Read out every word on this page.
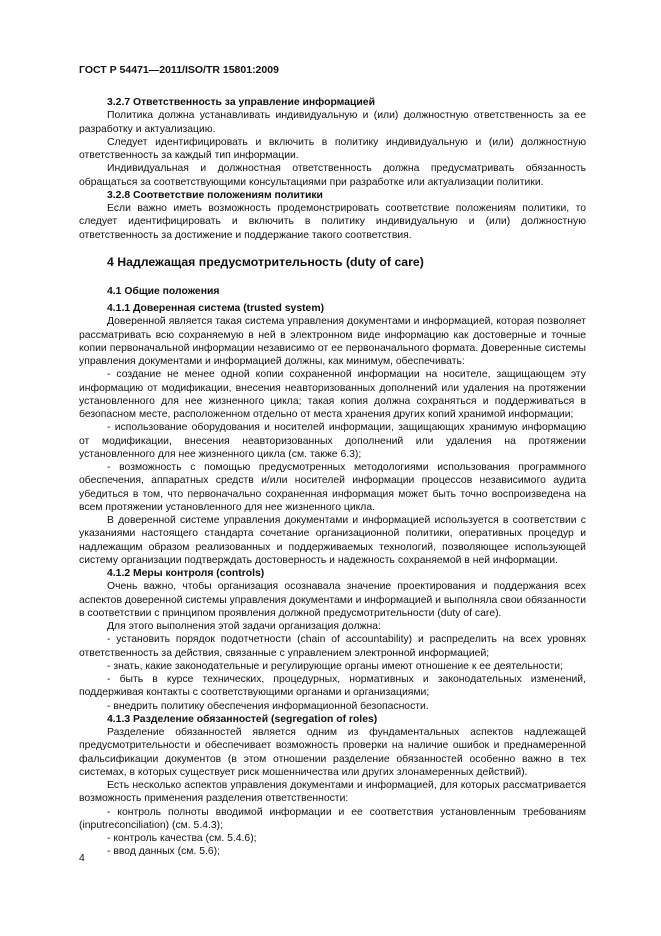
ГОСТ Р 54471—2011/ISO/TR 15801:2009
3.2.7 Ответственность за управление информацией
Политика должна устанавливать индивидуальную и (или) должностную ответственность за ее разработку и актуализацию.
Следует идентифицировать и включить в политику индивидуальную и (или) должностную ответственность за каждый тип информации.
Индивидуальная и должностная ответственность должна предусматривать обязанность обращаться за соответствующими консультациями при разработке или актуализации политики.
3.2.8 Соответствие положениям политики
Если важно иметь возможность продемонстрировать соответствие положениям политики, то следует идентифицировать и включить в политику индивидуальную и (или) должностную ответственность за достижение и поддержание такого соответствия.
4 Надлежащая предусмотрительность (duty of care)
4.1 Общие положения
4.1.1 Доверенная система (trusted system)
Доверенной является такая система управления документами и информацией, которая позволяет рассматривать всю сохраняемую в ней в электронном виде информацию как достоверные и точные копии первоначальной информации независимо от ее первоначального формата. Доверенные системы управления документами и информацией должны, как минимум, обеспечивать:
- создание не менее одной копии сохраненной информации на носителе, защищающем эту информацию от модификации, внесения неавторизованных дополнений или удаления на протяжении установленного для нее жизненного цикла; такая копия должна сохраняться и поддерживаться в безопасном месте, расположенном отдельно от места хранения других копий хранимой информации;
- использование оборудования и носителей информации, защищающих хранимую информацию от модификации, внесения неавторизованных дополнений или удаления на протяжении установленного для нее жизненного цикла (см. также 6.3);
- возможность с помощью предусмотренных методологиями использования программного обеспечения, аппаратных средств и/или носителей информации процессов независимого аудита убедиться в том, что первоначально сохраненная информация может быть точно воспроизведена на всем протяжении установленного для нее жизненного цикла.
В доверенной системе управления документами и информацией используется в соответствии с указаниями настоящего стандарта сочетание организационной политики, оперативных процедур и надлежащим образом реализованных и поддерживаемых технологий, позволяющее использующей систему организации подтверждать достоверность и надежность сохраняемой в ней информации.
4.1.2 Меры контроля (controls)
Очень важно, чтобы организация осознавала значение проектирования и поддержания всех аспектов доверенной системы управления документами и информацией и выполняла свои обязанности в соответствии с принципом проявления должной предусмотрительности (duty of care).
Для этого выполнения этой задачи организация должна:
- установить порядок подотчетности (chain of accountability) и распределить на всех уровнях ответственность за действия, связанные с управлением электронной информацией;
- знать, какие законодательные и регулирующие органы имеют отношение к ее деятельности;
- быть в курсе технических, процедурных, нормативных и законодательных изменений, поддерживая контакты с соответствующими органами и организациями;
- внедрить политику обеспечения информационной безопасности.
4.1.3 Разделение обязанностей (segregation of roles)
Разделение обязанностей является одним из фундаментальных аспектов надлежащей предусмотрительности и обеспечивает возможность проверки на наличие ошибок и преднамеренной фальсификации документов (в этом отношении разделение обязанностей особенно важно в тех системах, в которых существует риск мошенничества или других злонамеренных действий).
Есть несколько аспектов управления документами и информацией, для которых рассматривается возможность применения разделения ответственности:
- контроль полноты вводимой информации и ее соответствия установленным требованиям (inputreconciliation) (см. 5.4.3);
- контроль качества (см. 5.4.6);
- ввод данных (см. 5.6);
4
